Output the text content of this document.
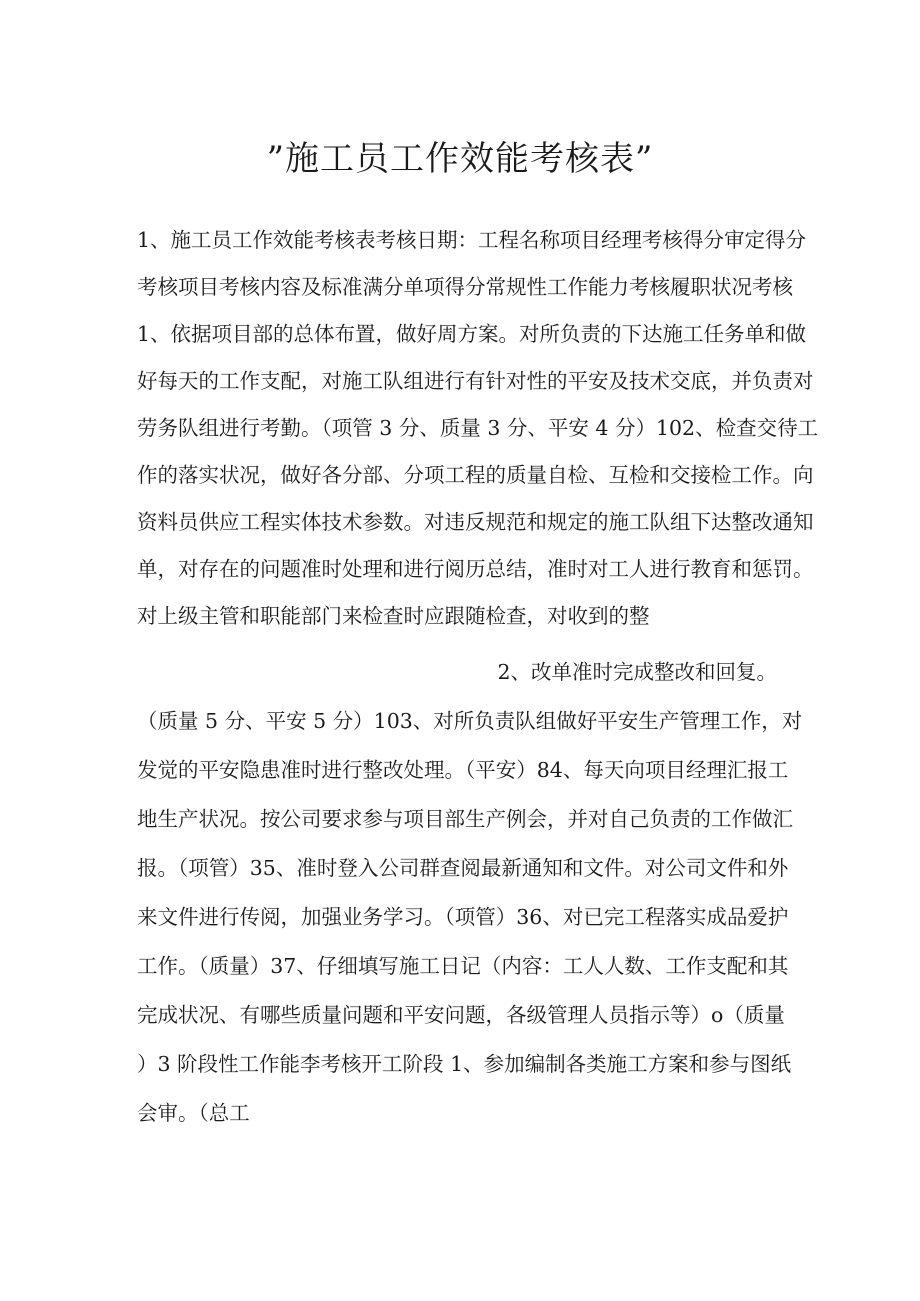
”施工员工作效能考核表”
1、施工员工作效能考核表考核日期：工程名称项目经理考核得分审定得分
考核项目考核内容及标准满分单项得分常规性工作能力考核履职状况考核
1、依据项目部的总体布置，做好周方案。对所负责的下达施工任务单和做
好每天的工作支配，对施工队组进行有针对性的平安及技术交底，并负责对
劳务队组进行考勤。（项管 3 分、质量 3 分、平安 4 分）102、检查交待工
作的落实状况，做好各分部、分项工程的质量自检、互检和交接检工作。向
资料员供应工程实体技术参数。对违反规范和规定的施工队组下达整改通知
单，对存在的问题准时处理和进行阅历总结，准时对工人进行教育和惩罚。
对上级主管和职能部门来检查时应跟随检查，对收到的整
2、改单准时完成整改和回复。
（质量 5 分、平安 5 分）103、对所负责队组做好平安生产管理工作，对
发觉的平安隐患准时进行整改处理。（平安）84、每天向项目经理汇报工
地生产状况。按公司要求参与项目部生产例会，并对自己负责的工作做汇
报。（项管）35、准时登入公司群查阅最新通知和文件。对公司文件和外
来文件进行传阅，加强业务学习。（项管）36、对已完工程落实成品爱护
工作。（质量）37、仔细填写施工日记（内容：工人人数、工作支配和其
完成状况、有哪些质量问题和平安问题，各级管理人员指示等）o（质量
）3 阶段性工作能李考核开工阶段 1、参加编制各类施工方案和参与图纸
会审。（总工
